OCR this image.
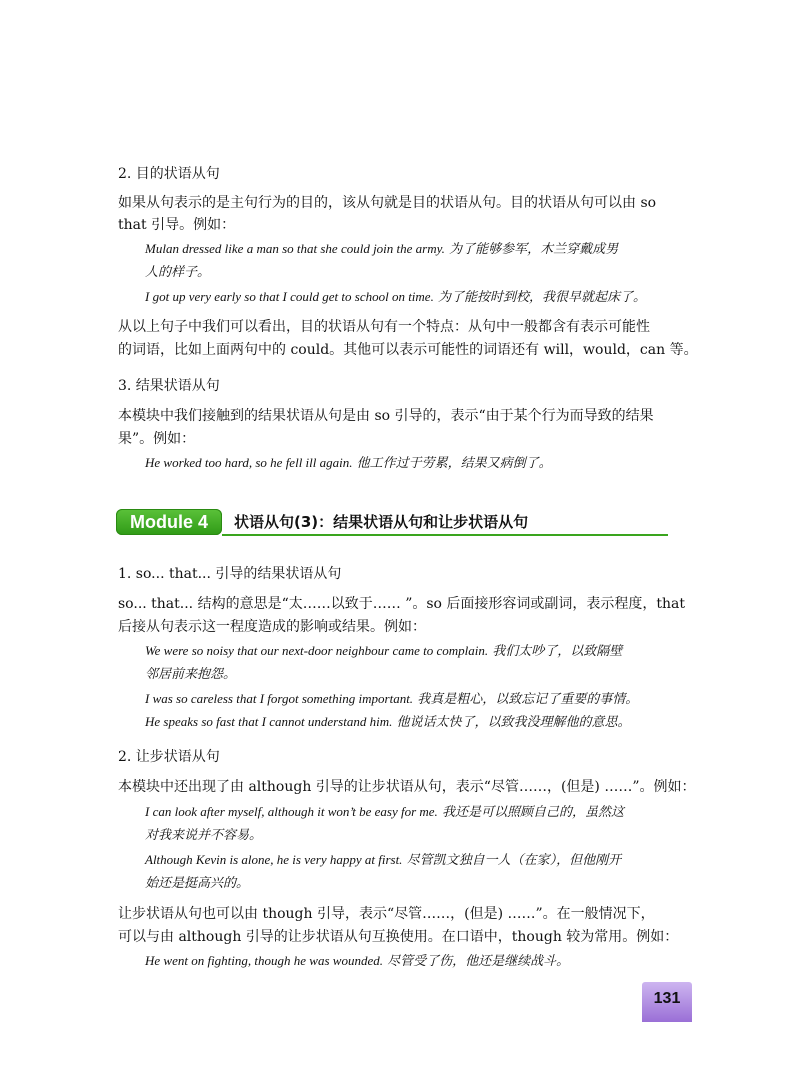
2. 目的状语从句
如果从句表示的是主句行为的目的，该从句就是目的状语从句。目的状语从句可以由 so
that 引导。例如：
Mulan dressed like a man so that she could join the army. 为了能够参军，木兰穿戴成男
人的样子。
I got up very early so that I could get to school on time. 为了能按时到校，我很早就起床了。
从以上句子中我们可以看出，目的状语从句有一个特点：从句中一般都含有表示可能性
的词语，比如上面两句中的 could。其他可以表示可能性的词语还有 will，would，can 等。
3. 结果状语从句
本模块中我们接触到的结果状语从句是由 so 引导的，表示“由于某个行为而导致的结果
果”。例如：
He worked too hard, so he fell ill again. 他工作过于劳累，结果又病倒了。
Module 4	状语从句(3)：结果状语从句和让步状语从句
1. so... that... 引导的结果状语从句
so... that... 结构的意思是“太……以致于…… ”。so 后面接形容词或副词，表示程度，that
后接从句表示这一程度造成的影响或结果。例如：
We were so noisy that our next-door neighbour came to complain. 我们太吵了，以致隔壁
邻居前来抱怨。
I was so careless that I forgot something important. 我真是粗心，以致忘记了重要的事情。
He speaks so fast that I cannot understand him. 他说话太快了，以致我没理解他的意思。
2. 让步状语从句
本模块中还出现了由 although 引导的让步状语从句，表示“尽管……，(但是) ……”。例如：
I can look after myself, although it won’t be easy for me. 我还是可以照顾自己的，虽然这
对我来说并不容易。
Although Kevin is alone, he is very happy at first. 尽管凯文独自一人（在家），但他刚开
始还是挺高兴的。
让步状语从句也可以由 though 引导，表示“尽管……，(但是) ……”。在一般情况下，
可以与由 although 引导的让步状语从句互换使用。在口语中，though 较为常用。例如：
He went on fighting, though he was wounded. 尽管受了伤，他还是继续战斗。
131
